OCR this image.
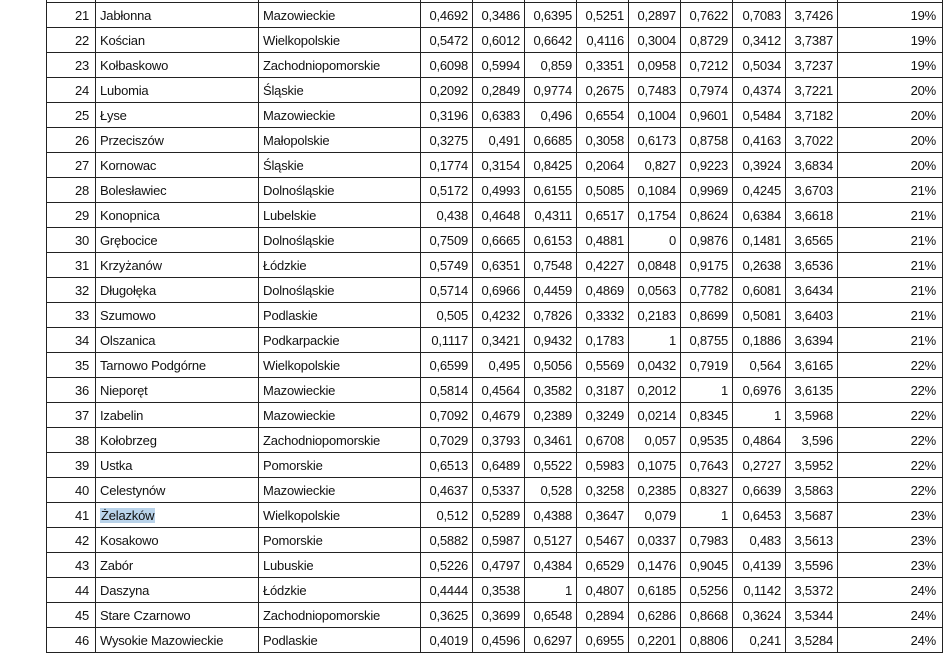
21	Jabłonna	Mazowieckie	0,4692	0,3486	0,6395	0,5251	0,2897	0,7622	0,7083	3,7426	19%
22	Kościan	Wielkopolskie	0,5472	0,6012	0,6642	0,4116	0,3004	0,8729	0,3412	3,7387	19%
23	Kołbaskowo	Zachodniopomorskie	0,6098	0,5994	0,859	0,3351	0,0958	0,7212	0,5034	3,7237	19%
24	Lubomia	Śląskie	0,2092	0,2849	0,9774	0,2675	0,7483	0,7974	0,4374	3,7221	20%
25	Łyse	Mazowieckie	0,3196	0,6383	0,496	0,6554	0,1004	0,9601	0,5484	3,7182	20%
26	Przeciszów	Małopolskie	0,3275	0,491	0,6685	0,3058	0,6173	0,8758	0,4163	3,7022	20%
27	Kornowac	Śląskie	0,1774	0,3154	0,8425	0,2064	0,827	0,9223	0,3924	3,6834	20%
28	Bolesławiec	Dolnośląskie	0,5172	0,4993	0,6155	0,5085	0,1084	0,9969	0,4245	3,6703	21%
29	Konopnica	Lubelskie	0,438	0,4648	0,4311	0,6517	0,1754	0,8624	0,6384	3,6618	21%
30	Grębocice	Dolnośląskie	0,7509	0,6665	0,6153	0,4881	0	0,9876	0,1481	3,6565	21%
31	Krzyżanów	Łódzkie	0,5749	0,6351	0,7548	0,4227	0,0848	0,9175	0,2638	3,6536	21%
32	Długołęka	Dolnośląskie	0,5714	0,6966	0,4459	0,4869	0,0563	0,7782	0,6081	3,6434	21%
33	Szumowo	Podlaskie	0,505	0,4232	0,7826	0,3332	0,2183	0,8699	0,5081	3,6403	21%
34	Olszanica	Podkarpackie	0,1117	0,3421	0,9432	0,1783	1	0,8755	0,1886	3,6394	21%
35	Tarnowo Podgórne	Wielkopolskie	0,6599	0,495	0,5056	0,5569	0,0432	0,7919	0,564	3,6165	22%
36	Nieporęt	Mazowieckie	0,5814	0,4564	0,3582	0,3187	0,2012	1	0,6976	3,6135	22%
37	Izabelin	Mazowieckie	0,7092	0,4679	0,2389	0,3249	0,0214	0,8345	1	3,5968	22%
38	Kołobrzeg	Zachodniopomorskie	0,7029	0,3793	0,3461	0,6708	0,057	0,9535	0,4864	3,596	22%
39	Ustka	Pomorskie	0,6513	0,6489	0,5522	0,5983	0,1075	0,7643	0,2727	3,5952	22%
40	Celestynów	Mazowieckie	0,4637	0,5337	0,528	0,3258	0,2385	0,8327	0,6639	3,5863	22%
41	Żelazków	Wielkopolskie	0,512	0,5289	0,4388	0,3647	0,079	1	0,6453	3,5687	23%
42	Kosakowo	Pomorskie	0,5882	0,5987	0,5127	0,5467	0,0337	0,7983	0,483	3,5613	23%
43	Zabór	Lubuskie	0,5226	0,4797	0,4384	0,6529	0,1476	0,9045	0,4139	3,5596	23%
44	Daszyna	Łódzkie	0,4444	0,3538	1	0,4807	0,6185	0,5256	0,1142	3,5372	24%
45	Stare Czarnowo	Zachodniopomorskie	0,3625	0,3699	0,6548	0,2894	0,6286	0,8668	0,3624	3,5344	24%
46	Wysokie Mazowieckie	Podlaskie	0,4019	0,4596	0,6297	0,6955	0,2201	0,8806	0,241	3,5284	24%
